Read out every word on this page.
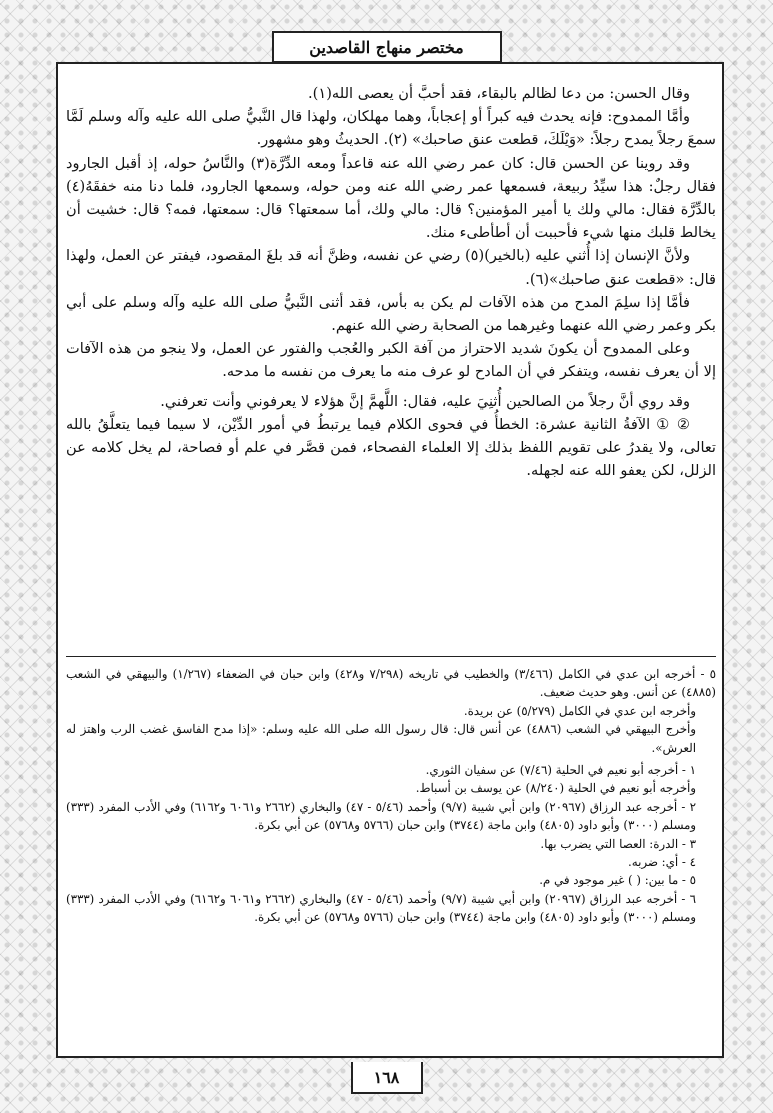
مختصر منهاج القاصدين

وقال الحسن: من دعا لظالم بالبقاء، فقد أحبَّ أن يعصى الله(١).

وأمَّا الممدوح: فإنه يحدث فيه كبراً أو إعجاباً، وهما مهلكان، ولهذا قال النَّبيُّ صلى الله عليه وآله وسلم لَمَّا سمعَ رجلاً يمدح رجلاً: «وَيْلَكَ، قطعت عنق صاحبك» (٢). الحديثُ وهو مشهور.

وقد روينا عن الحسن قال: كان عمر رضي الله عنه قاعداً ومعه الدِّرَّة(٣) والنَّاسُ حوله، إذ أقبل الجارود فقال رجلٌ: هذا سيِّدُ ربيعة، فسمعها عمر رضي الله عنه ومن حوله، وسمعها الجارود، فلما دنا منه خفقَهُ(٤) بالدِّرَّة فقال: مالي ولك يا أمير المؤمنين؟ قال: مالي ولك، أما سمعتها؟ قال: سمعتها، فمه؟ قال: خشيت أن يخالط قلبك منها شيء فأحببت أن أطأطىء منك.

ولأنَّ الإنسان إذا أُثني عليه (بالخير)(٥) رضي عن نفسه، وظنَّ أنه قد بلغَ المقصود، فيفتر عن العمل، ولهذا قال: «قطعت عنق صاحبك»(٦).

فأمَّا إذا سلِمَ المدح من هذه الآفات لم يكن به بأس، فقد أثنى النَّبيُّ صلى الله عليه وآله وسلم على أبي بكر وعمر رضي الله عنهما وغيرهما من الصحابة رضي الله عنهم.

وعلى الممدوح أن يكونَ شديد الاحتراز من آفة الكبر والعُجب والفتور عن العمل، ولا ينجو من هذه الآفات إلا أن يعرف نفسه، ويتفكر في أن المادح لو عرف منه ما يعرف من نفسه ما مدحه.

وقد روي أنَّ رجلاً من الصالحين أُثنِيَ عليه، فقال: اللَّهمَّ إنَّ هؤلاء لا يعرفوني وأنت تعرفني.

② ① الآفةُ الثانية عشرة: الخطأُ في فحوى الكلام فيما يرتبطُ في أمور الدِّيْن، لا سيما فيما يتعلَّقُ بالله تعالى، ولا يقدرُ على تقويم اللفظ بذلك إلا العلماء الفصحاء، فمن قصَّر في علم أو فصاحة، لم يخل كلامه عن الزلل، لكن يعفو الله عنه لجهله.

٥ - أخرجه ابن عدي في الكامل (٣/٤٦٦) والخطيب في تاريخه (٧/٢٩٨ و٤٢٨) وابن حبان في الضعفاء (١/٢٦٧) والبيهقي في الشعب (٤٨٨٥) عن أنس. وهو حديث ضعيف.

وأخرجه ابن عدي في الكامل (٥/٢٧٩) عن بريدة.

وأخرج البيهقي في الشعب (٤٨٨٦) عن أنس قال: قال رسول الله صلى الله عليه وسلم: «إذا مدح الفاسق غضب الرب واهتز له العرش».

١ - أخرجه أبو نعيم في الحلية (٧/٤٦) عن سفيان الثوري.

وأخرجه أبو نعيم في الحلية (٨/٢٤٠) عن يوسف بن أسباط.

٢ - أخرجه عبد الرزاق (٢٠٩٦٧) وابن أبي شيبة (٩/٧) وأحمد (٥/٤٦ - ٤٧) والبخاري (٢٦٦٢ و٦٠٦١ و٦١٦٢) وفي الأدب المفرد (٣٣٣) ومسلم (٣٠٠٠) وأبو داود (٤٨٠٥) وابن ماجة (٣٧٤٤) وابن حبان (٥٧٦٦ و٥٧٦٨) عن أبي بكرة.

٣ - الدرة: العصا التي يضرب بها.

٤ - أي: ضربه.

٥ - ما بين: ( ) غير موجود في م.

٦ - أخرجه عبد الرزاق (٢٠٩٦٧) وابن أبي شيبة (٩/٧) وأحمد (٥/٤٦ - ٤٧) والبخاري (٢٦٦٢ و٦٠٦١ و٦١٦٢) وفي الأدب المفرد (٣٣٣) ومسلم (٣٠٠٠) وأبو داود (٤٨٠٥) وابن ماجة (٣٧٤٤) وابن حبان (٥٧٦٦ و٥٧٦٨) عن أبي بكرة.

١٦٨
